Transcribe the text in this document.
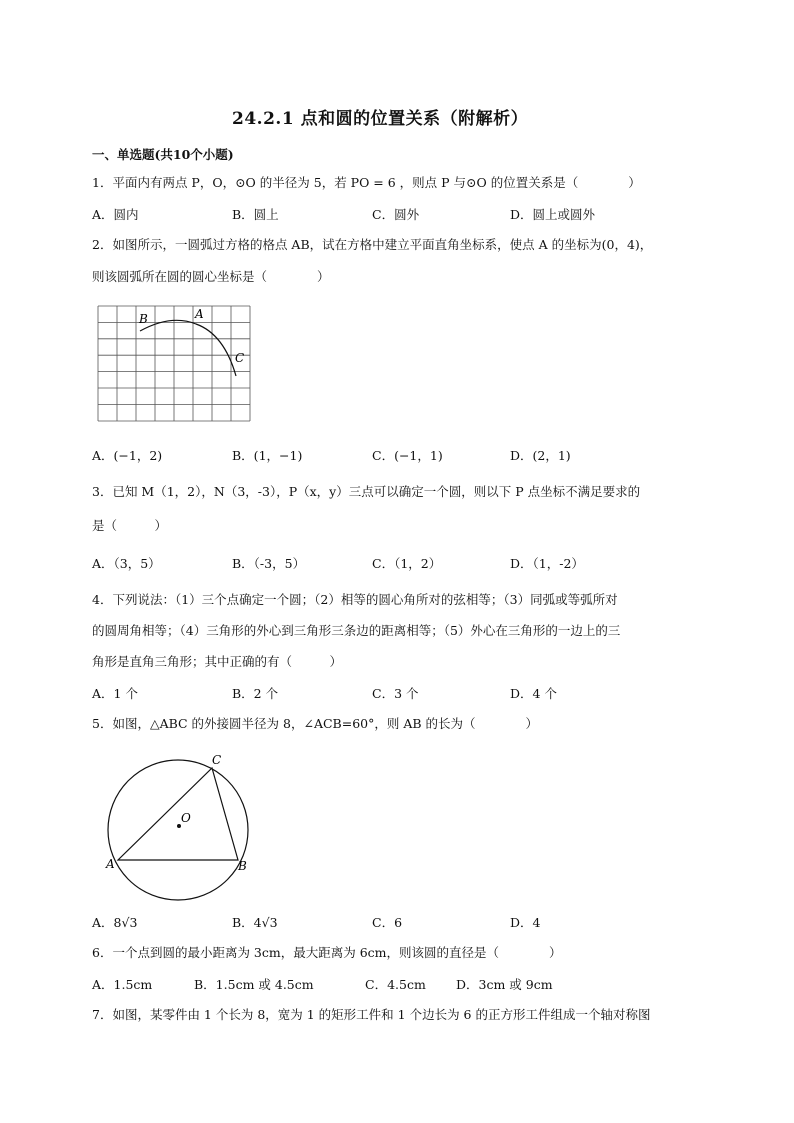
24.2.1 点和圆的位置关系（附解析）
一、单选题(共10个小题)
1．平面内有两点 P，O，⊙O 的半径为 5，若 PO = 6 ，则点 P 与⊙O 的位置关系是（　　　　）
A．圆内	B．圆上	C．圆外	D．圆上或圆外
2．如图所示，一圆弧过方格的格点 AB，试在方格中建立平面直角坐标系，使点 A 的坐标为(0，4)，
则该圆弧所在圆的圆心坐标是（　　　　）
B	A
C
A．(−1，2)	B．(1，−1)	C．(−1，1)	D．(2，1)
3．已知 M（1，2），N（3，-3），P（x，y）三点可以确定一个圆，则以下 P 点坐标不满足要求的
是（　　　）
A．（3，5）	B．（-3，5）	C．（1，2）	D．（1，-2）
4．下列说法：（1）三个点确定一个圆；（2）相等的圆心角所对的弦相等；（3）同弧或等弧所对
的圆周角相等；（4）三角形的外心到三角形三条边的距离相等；（5）外心在三角形的一边上的三
角形是直角三角形；其中正确的有（　　　）
A．1 个	B．2 个	C．3 个	D．4 个
5．如图，△ABC 的外接圆半径为 8，∠ACB=60°，则 AB 的长为（　　　　）
C
O
A	B
A．8√3	B．4√3	C．6	D．4
6．一个点到圆的最小距离为 3cm，最大距离为 6cm，则该圆的直径是（　　　　）
A．1.5cm	B．1.5cm 或 4.5cm	C．4.5cm D．3cm 或 9cm
7．如图，某零件由 1 个长为 8，宽为 1 的矩形工件和 1 个边长为 6 的正方形工件组成一个轴对称图
